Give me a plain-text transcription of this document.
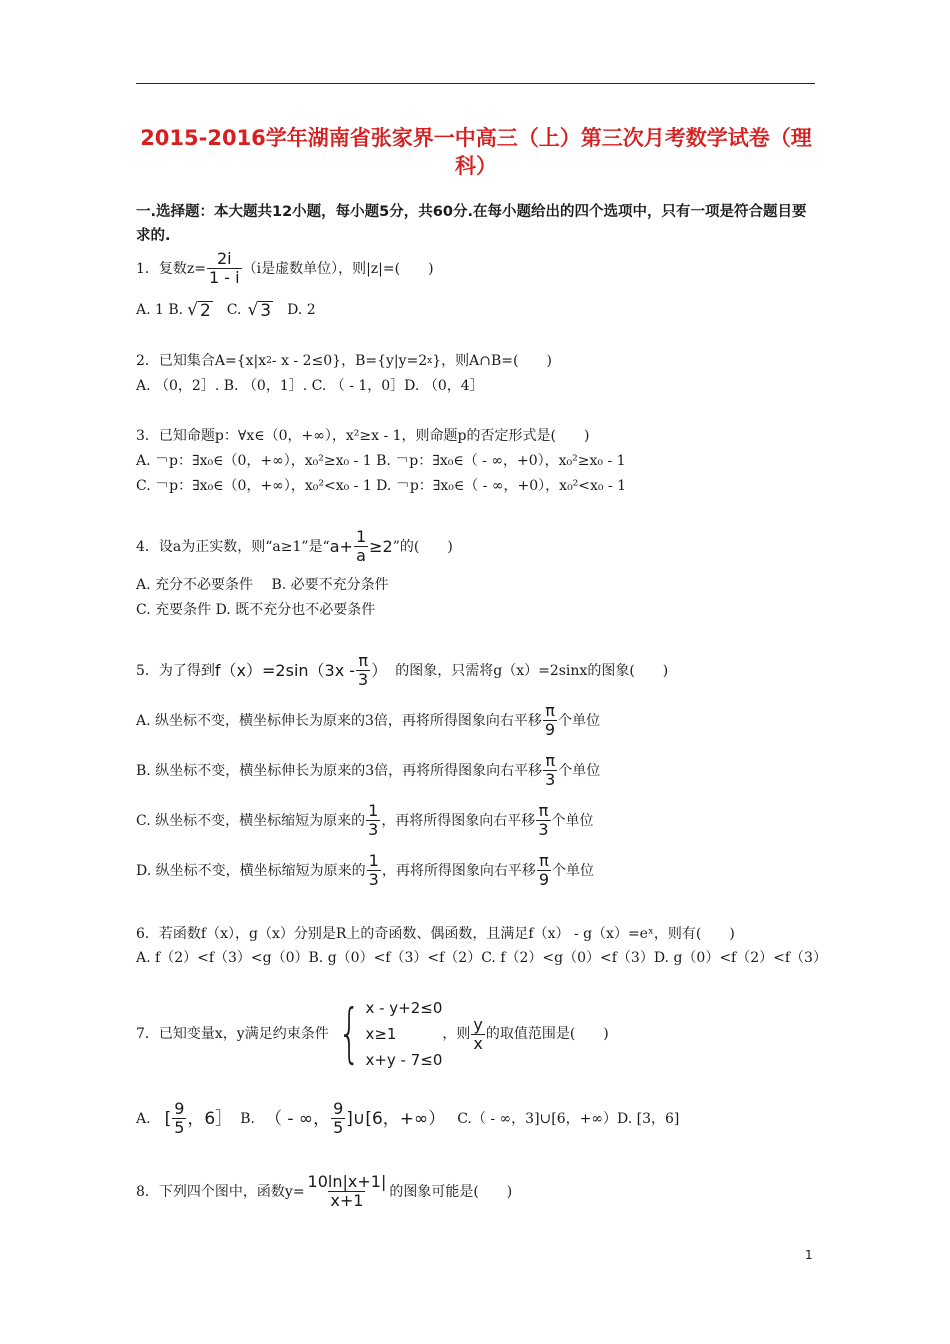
2015-2016学年湖南省张家界一中高三（上）第三次月考数学试卷（理科）
一.选择题：本大题共12小题，每小题5分，共60分.在每小题给出的四个选项中，只有一项是符合题目要求的.
1．复数$z= \frac{2i}{1 - i} (i$是虚数单位），则|z|=(　　)
A. 1 B. √ 2 C. √ 3 D. 2
2．已知集合A={x|x 2 - x - 2≤0}，B={y|y=2 x }，则A∩B=(　　)
A. （0，2］. B. （0，1］. C. （ - 1，0］D. （0，4］
3．已知命题p：∀x∈（0，+∞），x²≥x - 1，则命题p的否定形式是(　　)
A. ￢p：∃x₀∈（0，+∞），x₀²≥x₀ - 1 B. ￢p：∃x₀∈（ - ∞，+0），x₀²≥x₀ - 1
C. ￢p：∃x₀∈（0，+∞），x₀²<x₀ - 1 D. ￢p：∃x₀∈（ - ∞，+0），x₀²<x₀ - 1
4．设a为正实数，则“a≥1”是“ $a+ \frac{1}{a} \ge 2$ ”的(　　)
A. 充分不必要条件　 B. 必要不充分条件
C. 充要条件 D. 既不充分也不必要条件
5．为了得到 $f(x)=2\sin(3x - \frac{\pi}{3}$ ） 的图象，只需将g（x）=2sinx的图象(　　)
A. 纵坐标不变，横坐标伸长为原来的3倍，再将所得图象向右平移 $\frac{\pi}{9}$ 个单位
B. 纵坐标不变，横坐标伸长为原来的3倍，再将所得图象向右平移 $\frac{\pi}{3}$ 个单位
C. 纵坐标不变，横坐标缩短为原来的 $\frac{1}{3}$ ，再将所得图象向右平移 $\frac{\pi}{3}$ 个单位
D. 纵坐标不变，横坐标缩短为原来的 $\frac{1}{3}$ ，再将所得图象向右平移 $\frac{\pi}{9}$ 个单位
6．若函数f（x），g（x）分别是R上的奇函数、偶函数，且满足f（x） - g（x）=eˣ，则有(　　)
A. f（2）<f（3）<g（0）B. g（0）<f（3）<f（2）C. f（2）<g（0）<f（3）D. g（0）<f（2）<f（3）
7．已知变量x，y满足约束条件 { x - y+2≤0
x≥1
x+y - 7≤0
，则 $\frac{y}{x}$ 的取值范围是(　　)
A. [ $\frac{9}{5}$ ，6］ B. （ - ∞， $\frac{9}{5}$ ]∪[6，+∞） C.（ - ∞，3]∪[6，+∞）D. [3，6]
8．下列四个图中，函数$y= \frac{10\ln|x+1|}{x+1}$ 的图象可能是(　　)
1
